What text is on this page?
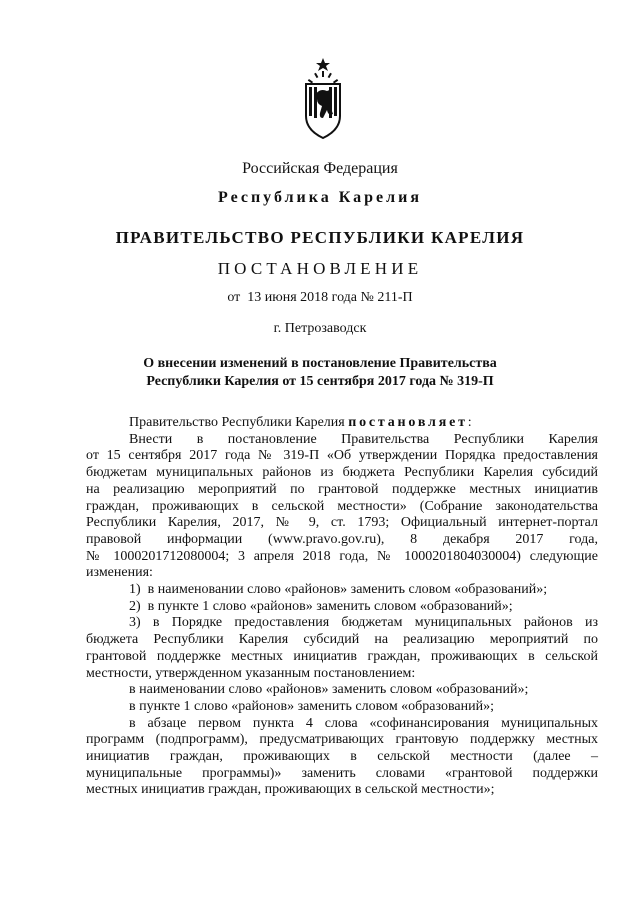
Российская Федерация
Республика Карелия
ПРАВИТЕЛЬСТВО РЕСПУБЛИКИ КАРЕЛИЯ
ПОСТАНОВЛЕНИЕ
от  13 июня 2018 года № 211-П
г. Петрозаводск
О внесении изменений в постановление Правительства
Республики Карелия от 15 сентября 2017 года № 319-П

Правительство Республики Карелия постановляет:

Внести в постановление Правительства Республики Карелия

от 15 сентября 2017 года № 319-П «Об утверждении Порядка предоставления

бюджетам муниципальных районов из бюджета Республики Карелия субсидий

на реализацию мероприятий по грантовой поддержке местных инициатив

граждан, проживающих в сельской местности» (Собрание законодательства

Республики Карелия, 2017, № 9, ст. 1793; Официальный интернет-портал

правовой информации (www.pravo.gov.ru), 8 декабря 2017 года,

№ 1000201712080004; 3 апреля 2018 года, № 1000201804030004) следующие

изменения:

1)  в наименовании слово «районов» заменить словом «образований»;

2)  в пункте 1 слово «районов» заменить словом «образований»;

3) в Порядке предоставления бюджетам муниципальных районов из

бюджета Республики Карелия субсидий на реализацию мероприятий по

грантовой поддержке местных инициатив граждан, проживающих в сельской

местности, утвержденном указанным постановлением:

в наименовании слово «районов» заменить словом «образований»;

в пункте 1 слово «районов» заменить словом «образований»;

в абзаце первом пункта 4 слова «софинансирования муниципальных

программ (подпрограмм), предусматривающих грантовую поддержку местных

инициатив граждан, проживающих в сельской местности (далее –

муниципальные программы)» заменить словами «грантовой поддержки

местных инициатив граждан, проживающих в сельской местности»;
